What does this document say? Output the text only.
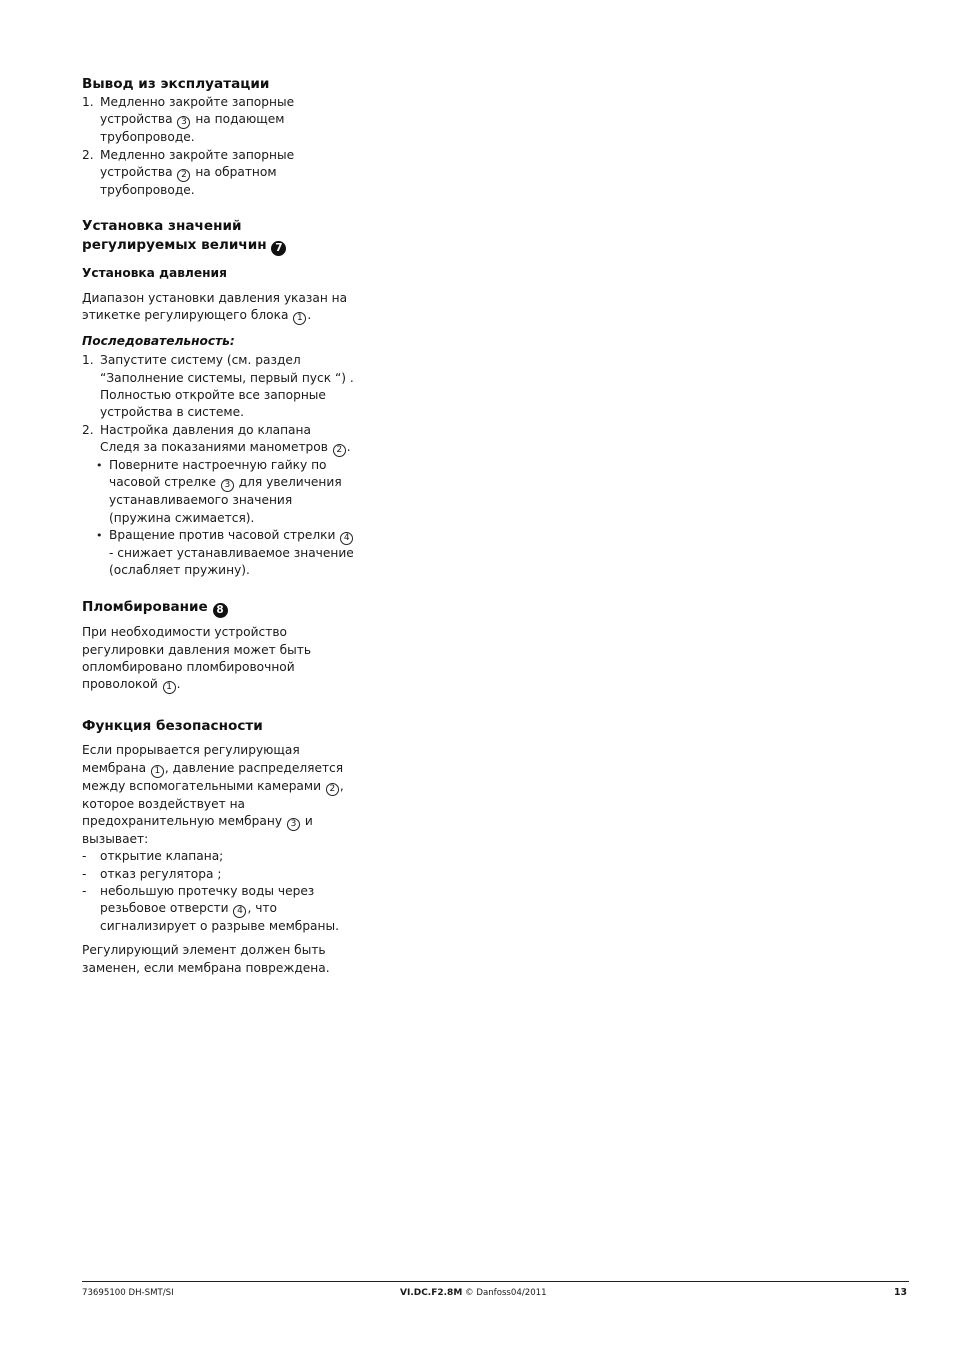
Вывод из эксплуатации
1. Медленно закройте запорные устройства 3 на подающем трубопроводе.
2. Медленно закройте запорные устройства 2 на обратном трубопроводе.
Установка значений
регулируемых величин 7
Установка давления

Диапазон установки давления указан на этикетке регулирующего блока 1 .

Последовательность:
1. Запустите систему (см. раздел “Заполнение системы, первый пуск “) . Полностью откройте все запорные устройства в системе.
2. Настройка давления до клапана
Следя за показаниями манометров 2 .
• Поверните настроечную гайку по часовой стрелке 3 для увеличения устанавливаемого значения (пружина сжимается).
• Вращение против часовой стрелки 4 - снижает устанавливаемое значение (ослабляет пружину).
Пломбирование 8

При необходимости устройство регулировки давления может быть опломбировано пломбировочной проволокой 1 .

Функция безопасности

Если прорывается регулирующая мембрана 1 , давление распределяется между вспомогательными камерами 2 , которое воздействует на предохранительную мембрану 3 и вызывает:

- открытие клапана;
- отказ регулятора ;
- небольшую протечку воды через резьбовое отверсти 4 , что сигнализирует о разрыве мембраны.

Регулирующий элемент должен быть заменен, если мембрана повреждена.

73695100 DH-SMT/SI	VI.DC.F2.8M © Danfoss04/2011	13
